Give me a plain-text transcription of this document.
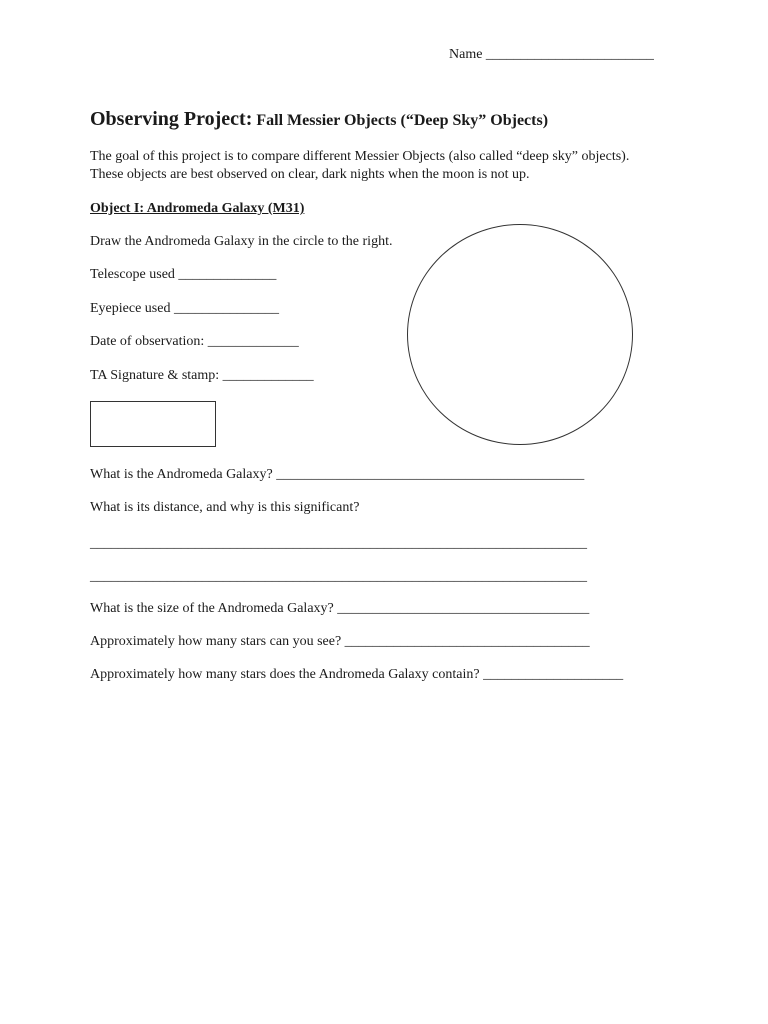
Name ________________________
Observing Project: Fall Messier Objects (“Deep Sky” Objects)
The goal of this project is to compare different Messier Objects (also called “deep sky” objects).
These objects are best observed on clear, dark nights when the moon is not up.
Object I: Andromeda Galaxy (M31)
Draw the Andromeda Galaxy in the circle to the right.
Telescope used ______________
Eyepiece used _______________
Date of observation: _____________
TA Signature & stamp: _____________
What is the Andromeda Galaxy? ____________________________________________
What is its distance, and why is this significant?
_______________________________________________________________________
_______________________________________________________________________
What is the size of the Andromeda Galaxy? ____________________________________
Approximately how many stars can you see? ___________________________________
Approximately how many stars does the Andromeda Galaxy contain? ____________________
